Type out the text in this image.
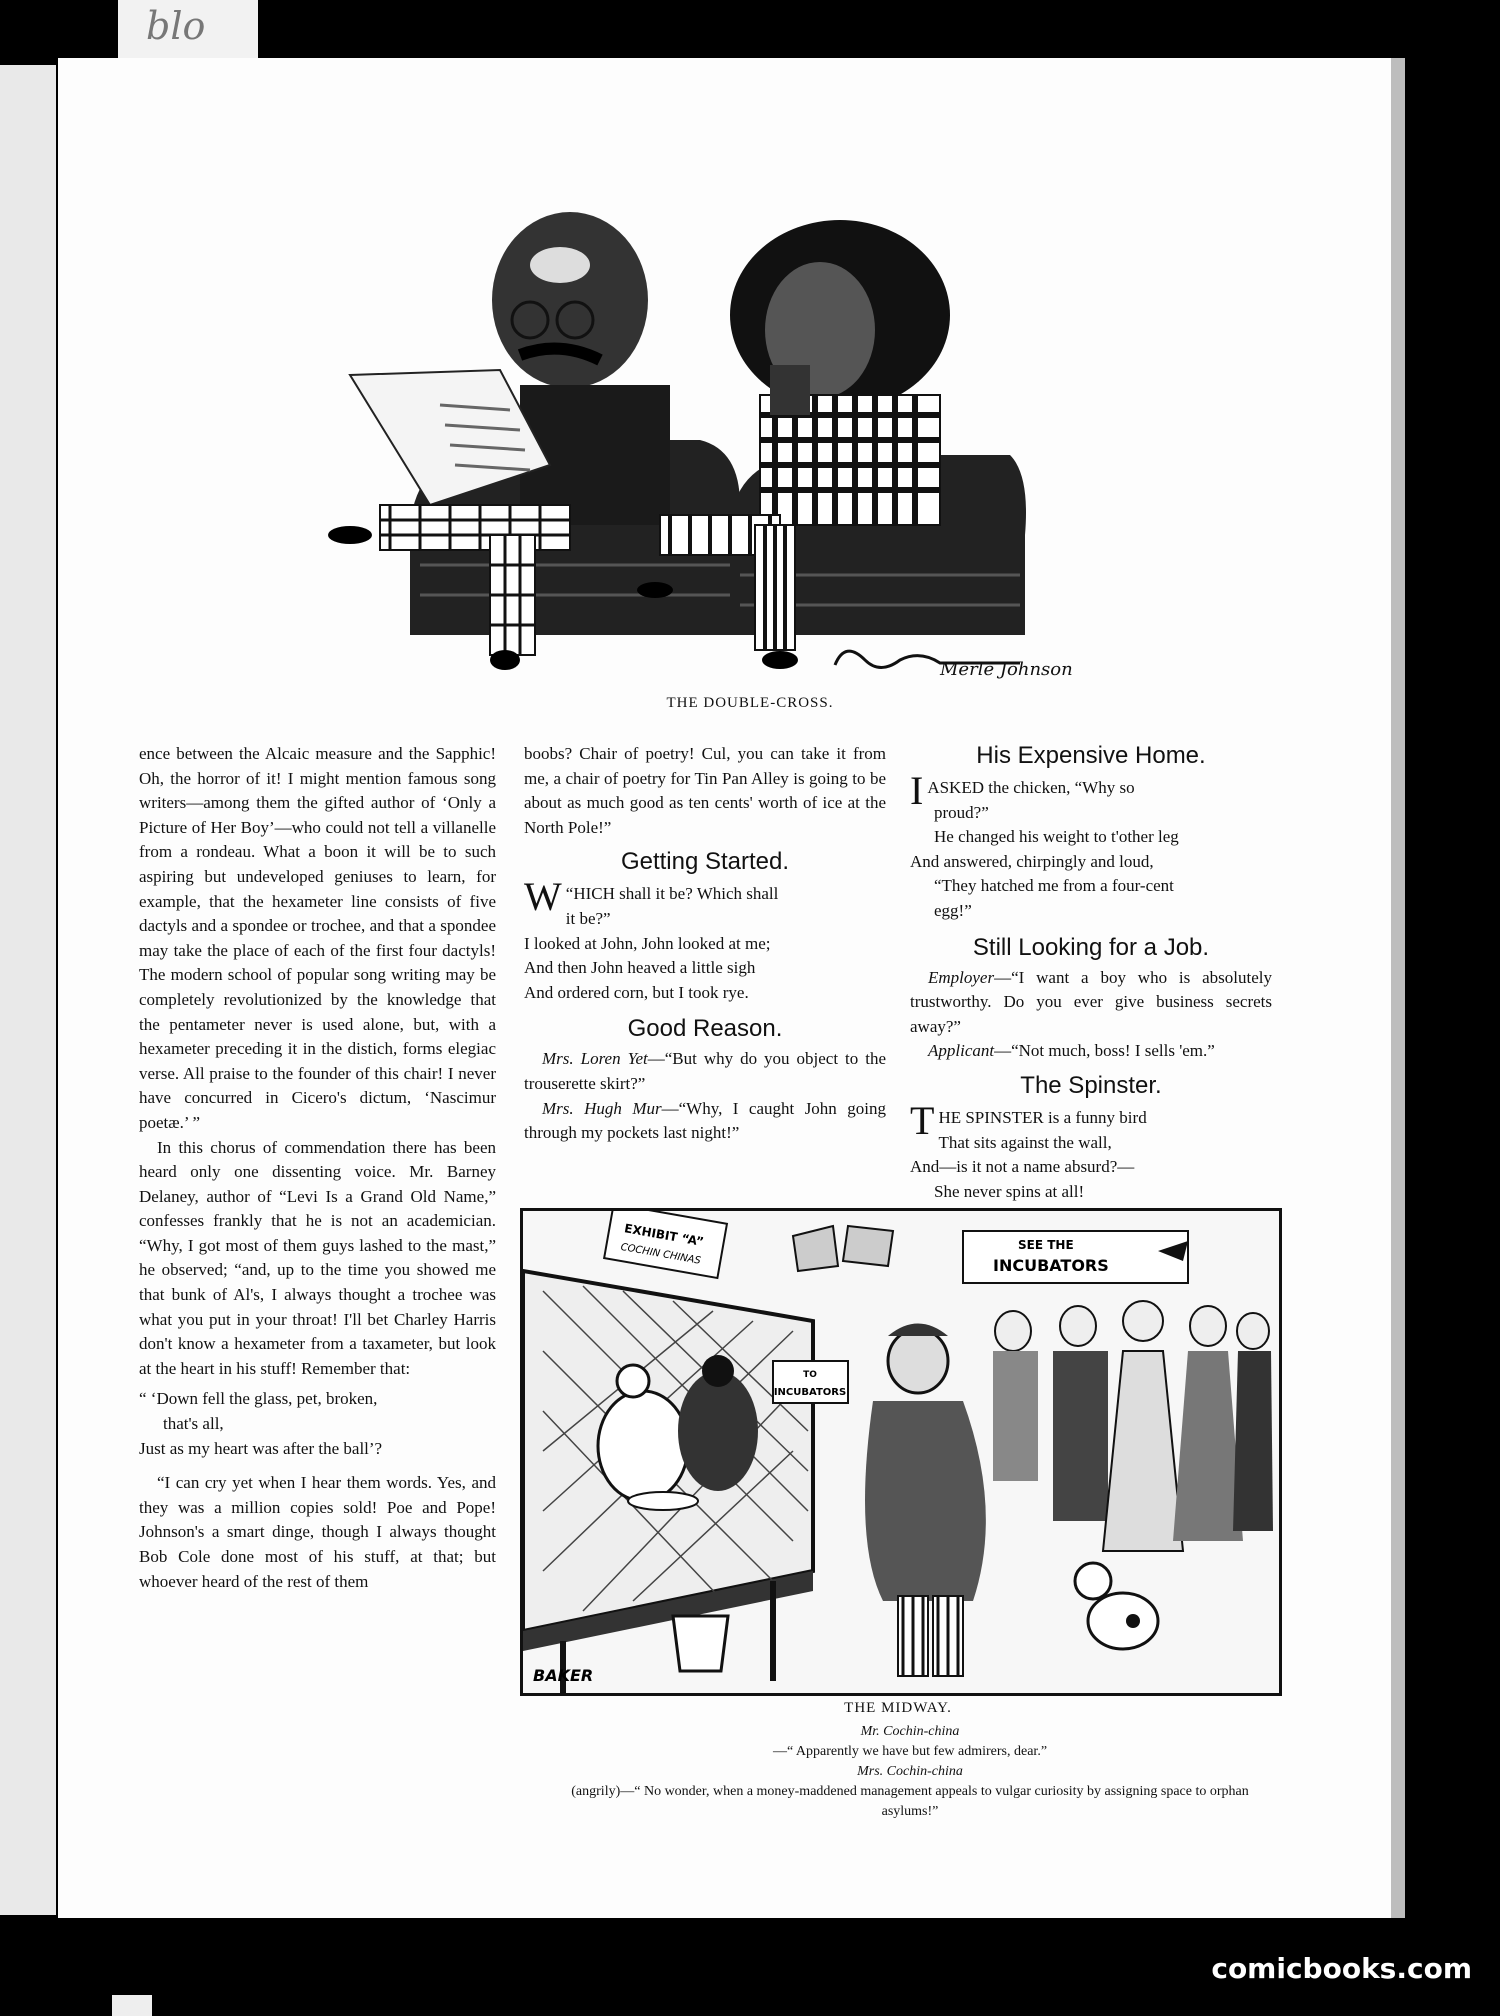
blo
Merle Johnson
THE DOUBLE-CROSS.

ence between the Alcaic measure and the Sapphic! Oh, the horror of it! I might mention famous song writers—among them the gifted author of ‘Only a Picture of Her Boy’—who could not tell a villanelle from a rondeau. What a boon it will be to such aspiring but undeveloped geniuses to learn, for example, that the hexameter line consists of five dactyls and a spondee or trochee, and that a spondee may take the place of each of the first four dactyls! The modern school of popular song writing may be completely revolutionized by the knowledge that the pentameter never is used alone, but, with a hexameter preceding it in the distich, forms elegiac verse. All praise to the founder of this chair! I never have concurred in Cicero's dictum, ‘Nascimur poetæ.’ ”

In this chorus of commendation there has been heard only one dissenting voice. Mr. Barney Delaney, author of “Levi Is a Grand Old Name,” confesses frankly that he is not an academician. “Why, I got most of them guys lashed to the mast,” he observed; “and, up to the time you showed me that bunk of Al's, I always thought a trochee was what you put in your throat! I'll bet Charley Harris don't know a hexameter from a taxameter, but look at the heart in his stuff! Remember that:

“ ‘Down fell the glass, pet, broken,
that's all,
Just as my heart was after the ball’?

“I can cry yet when I hear them words. Yes, and they was a million copies sold! Poe and Pope! Johnson's a smart dinge, though I always thought Bob Cole done most of his stuff, at that; but whoever heard of the rest of them

boobs? Chair of poetry! Cul, you can take it from me, a chair of poetry for Tin Pan Alley is going to be about as much good as ten cents' worth of ice at the North Pole!”

Getting Started.

“
W HICH shall it be? Which shall
it be?”
I looked at John, John looked at me;
And then John heaved a little sigh
And ordered corn, but I took rye.

Good Reason.

Mrs. Loren Yet—“But why do you object to the trouserette skirt?”

Mrs. Hugh Mur—“Why, I caught John going through my pockets last night!”

His Expensive Home.

IASKED the chicken, “Why so
proud?”
He changed his weight to t'other leg
And answered, chirpingly and loud,
“They hatched me from a four-cent
egg!”

Still Looking for a Job.

Employer—“I want a boy who is absolutely trustworthy. Do you ever give business secrets away?”

Applicant—“Not much, boss! I sells 'em.”

The Spinster.

THE SPINSTER is a funny bird
That sits against the wall,
And—is it not a name absurd?—
She never spins at all!

EXHIBIT “A”
COCHIN CHINAS	SEE THE
INCUBATORS
TO
INCUBATORS
BAKER
THE MIDWAY.
Mr. Cochin-china
—“ Apparently we have but few admirers, dear.”
Mrs. Cochin-china
(angrily)—“ No wonder, when a money-maddened management appeals to vulgar curiosity by assigning space to orphan asylums!”
comicbooks.com
